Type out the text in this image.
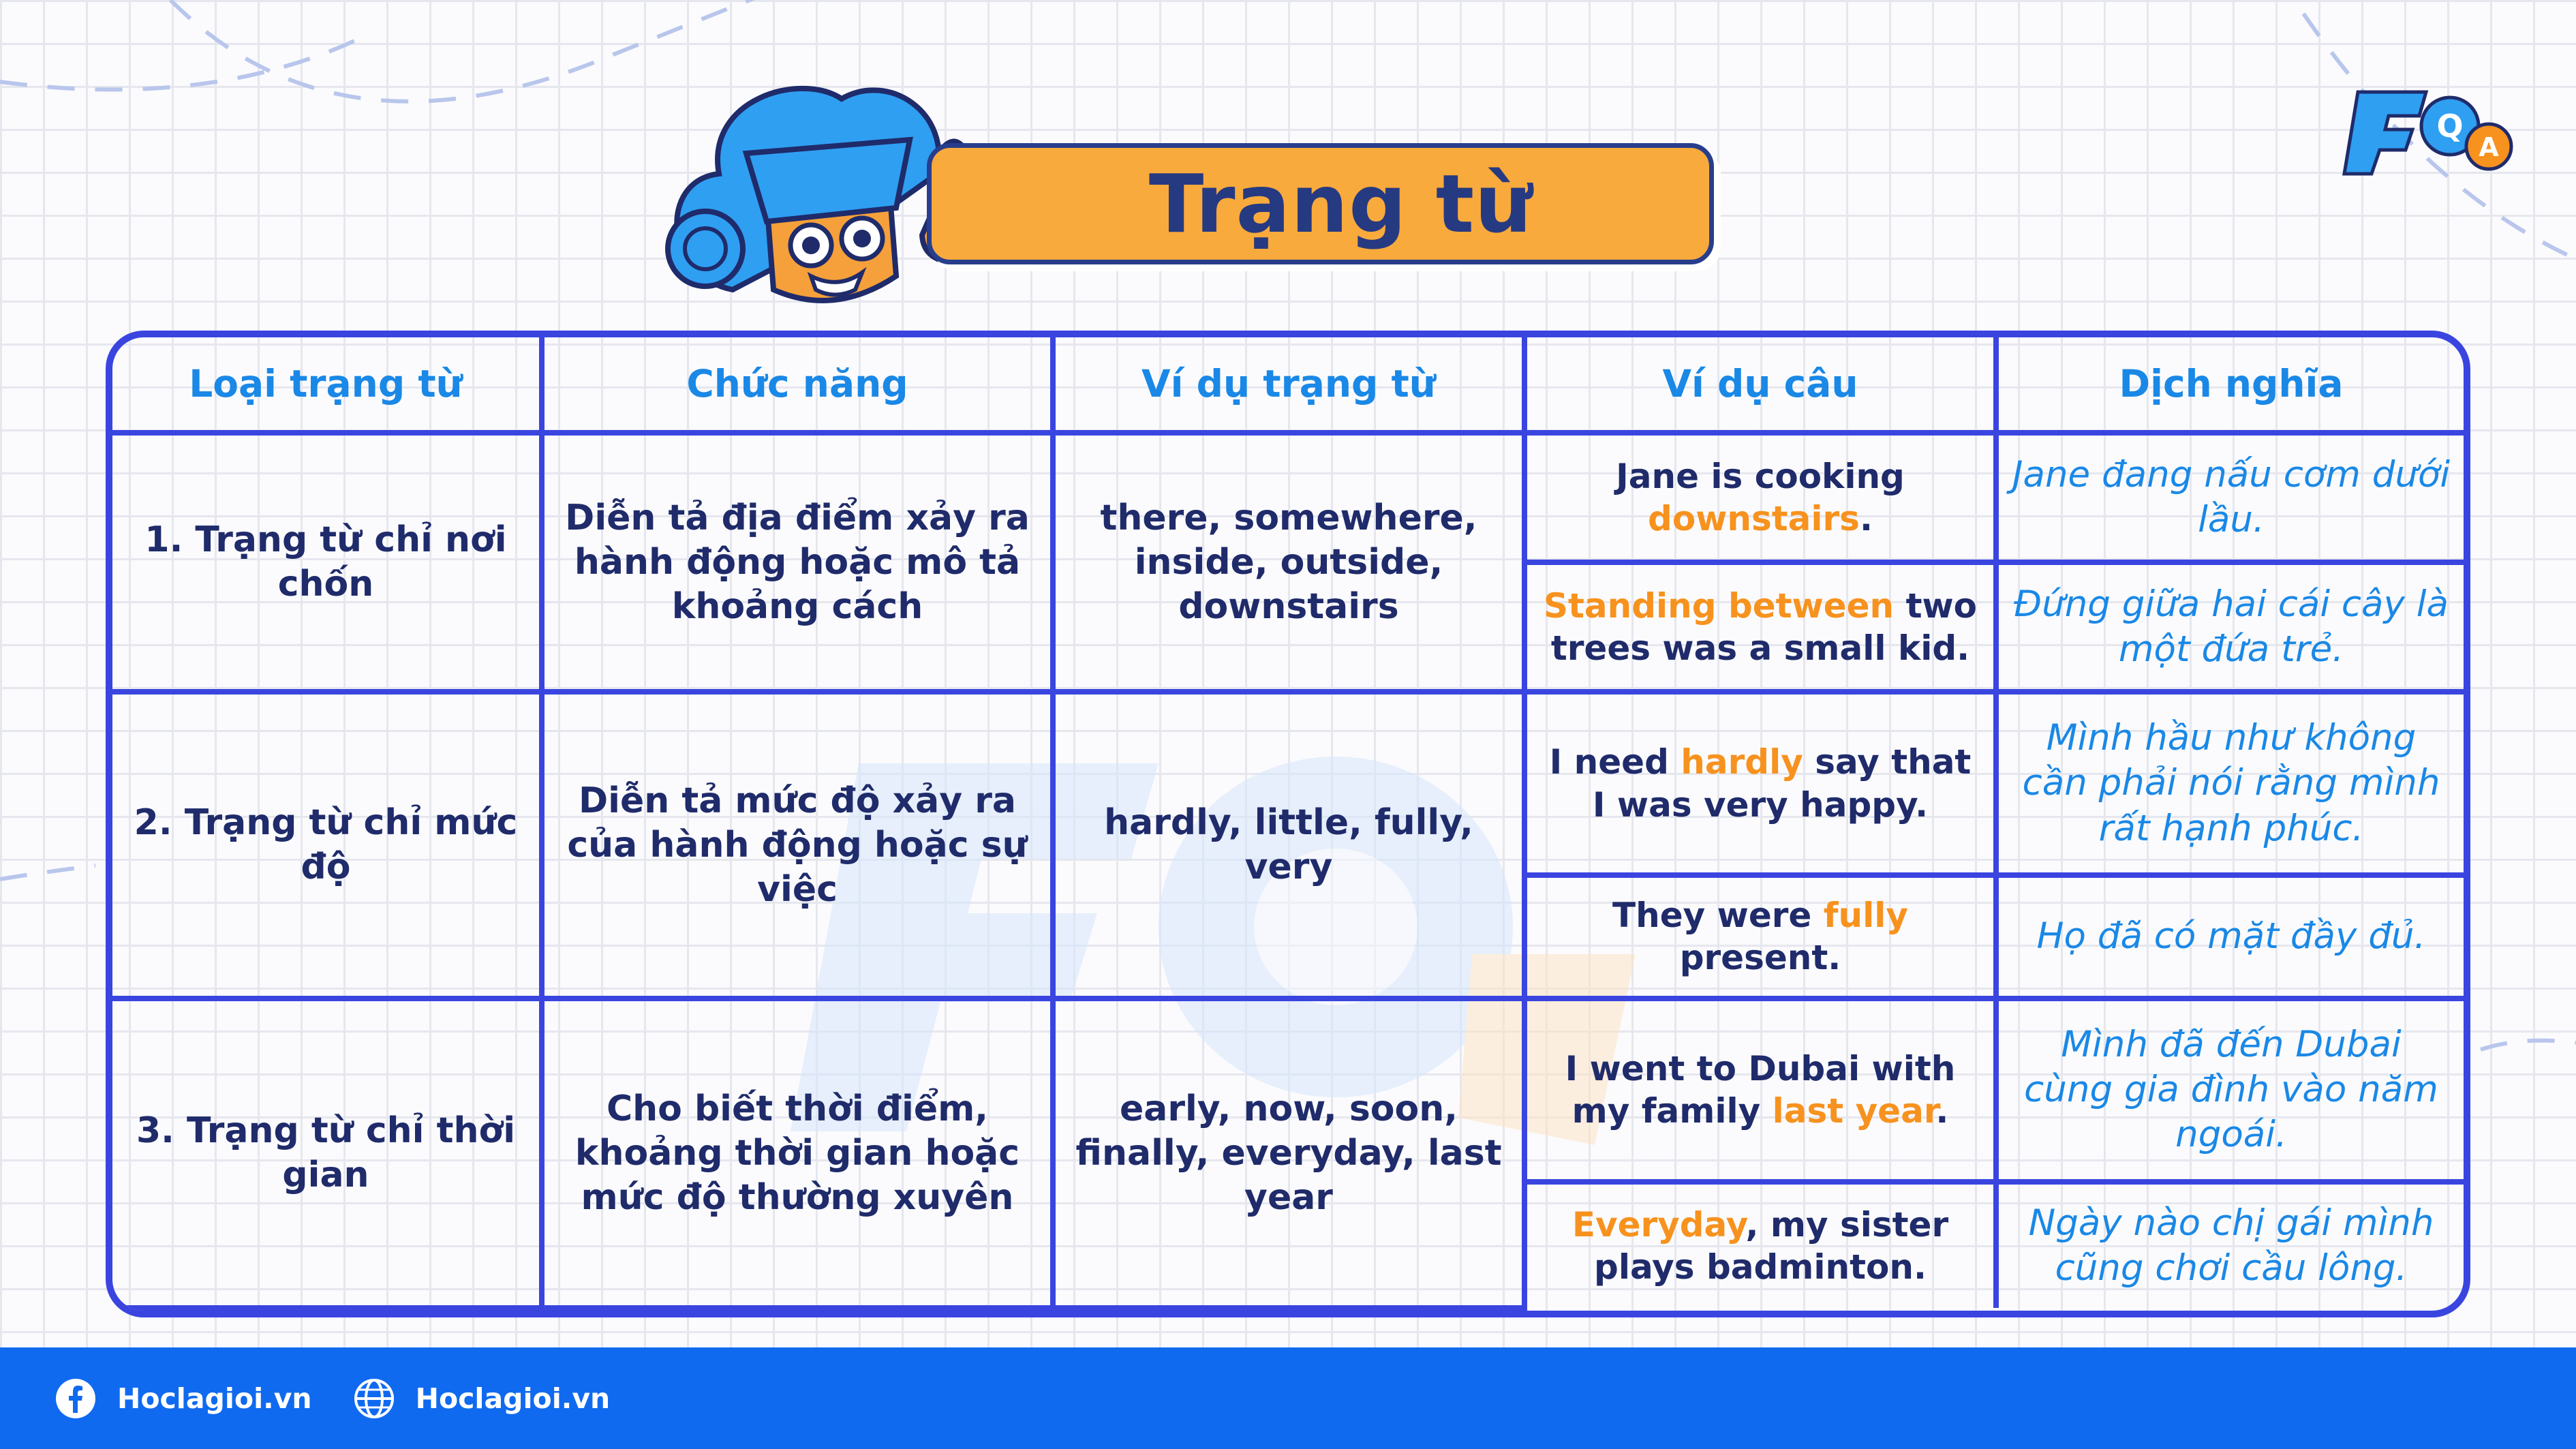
Trạng từ
Q
A
Loại trạng từ	Chức năng	Ví dụ trạng từ	Ví dụ câu	Dịch nghĩa
1. Trạng từ chỉ nơi chốn	Diễn tả địa điểm xảy ra hành động hoặc mô tả khoảng cách	there, somewhere, inside, outside, downstairs	Jane is cooking downstairs.	Jane đang nấu cơm dưới lầu.
			Standing between two trees was a small kid.	Đứng giữa hai cái cây là một đứa trẻ.
2. Trạng từ chỉ mức độ	Diễn tả mức độ xảy ra của hành động hoặc sự việc	hardly, little, fully, very	I need hardly say that I was very happy.	Mình hầu như không cần phải nói rằng mình rất hạnh phúc.
			They were fully present.	Họ đã có mặt đầy đủ.
3. Trạng từ chỉ thời gian	Cho biết thời điểm, khoảng thời gian hoặc mức độ thường xuyên	early, now, soon, finally, everyday, last year	I went to Dubai with my family last year.	Mình đã đến Dubai cùng gia đình vào năm ngoái.
			Everyday, my sister plays badminton.	Ngày nào chị gái mình cũng chơi cầu lông.
Hoclagioi.vn	Hoclagioi.vn
